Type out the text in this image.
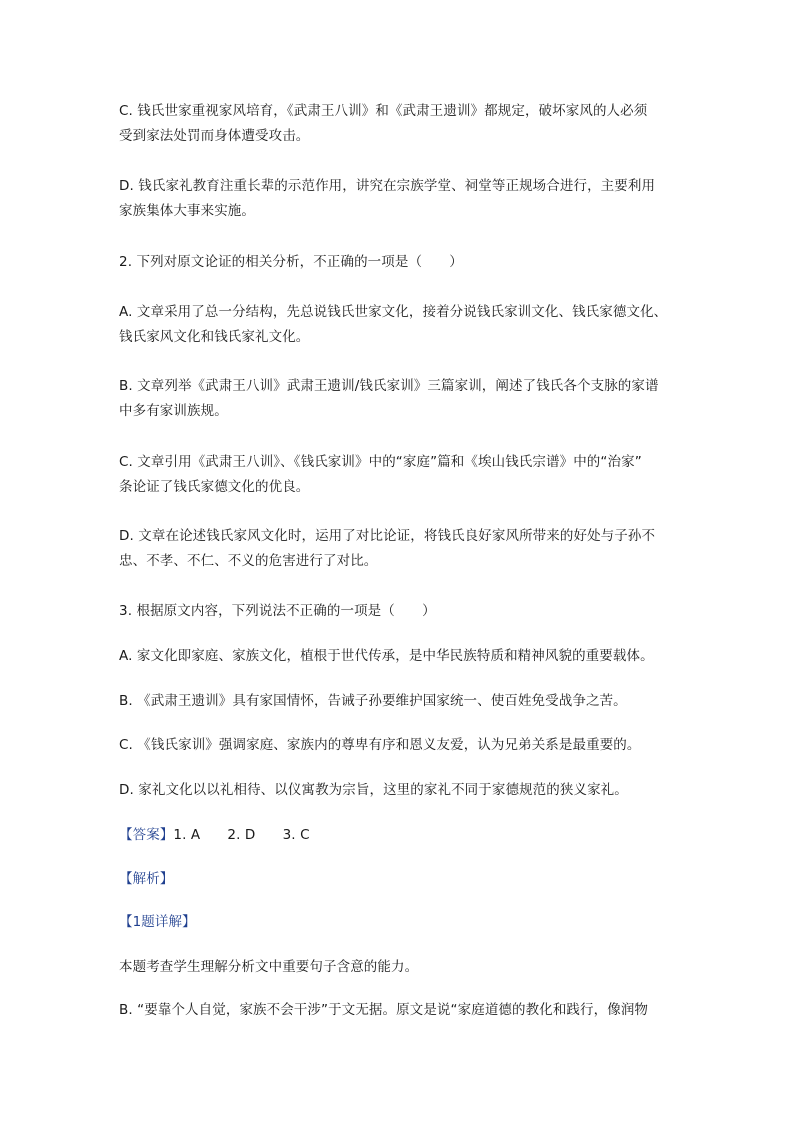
C. 钱氏世家重视家风培育，《武肃王八训》和《武肃王遗训》都规定，破坏家风的人必须
受到家法处罚而身体遭受攻击。

D. 钱氏家礼教育注重长辈的示范作用，讲究在宗族学堂、祠堂等正规场合进行，主要利用
家族集体大事来实施。

2. 下列对原文论证的相关分析，不正确的一项是（　　）

A. 文章采用了总一分结构，先总说钱氏世家文化，接着分说钱氏家训文化、钱氏家德文化、
钱氏家风文化和钱氏家礼文化。

B. 文章列举《武肃王八训》武肃王遗训/钱氏家训》三篇家训，阐述了钱氏各个支脉的家谱
中多有家训族规。

C. 文章引用《武肃王八训》、《钱氏家训》中的“家庭”篇和《埃山钱氏宗谱》中的“治家”
条论证了钱氏家德文化的优良。

D. 文章在论述钱氏家风文化时，运用了对比论证，将钱氏良好家风所带来的好处与子孙不
忠、不孝、不仁、不义的危害进行了对比。

3. 根据原文内容，下列说法不正确的一项是（　　）

A. 家文化即家庭、家族文化，植根于世代传承，是中华民族特质和精神风貌的重要载体。

B. 《武肃王遗训》具有家国情怀，告诫子孙要维护国家统一、使百姓免受战争之苦。

C. 《钱氏家训》强调家庭、家族内的尊卑有序和恩义友爱，认为兄弟关系是最重要的。

D. 家礼文化以以礼相待、以仪寓教为宗旨，这里的家礼不同于家德规范的狭义家礼。

【答案】1. A　　2. D　　3. C

【解析】

【1题详解】

本题考查学生理解分析文中重要句子含意的能力。

B. “要靠个人自觉，家族不会干涉”于文无据。原文是说“家庭道德的教化和践行，像润物
